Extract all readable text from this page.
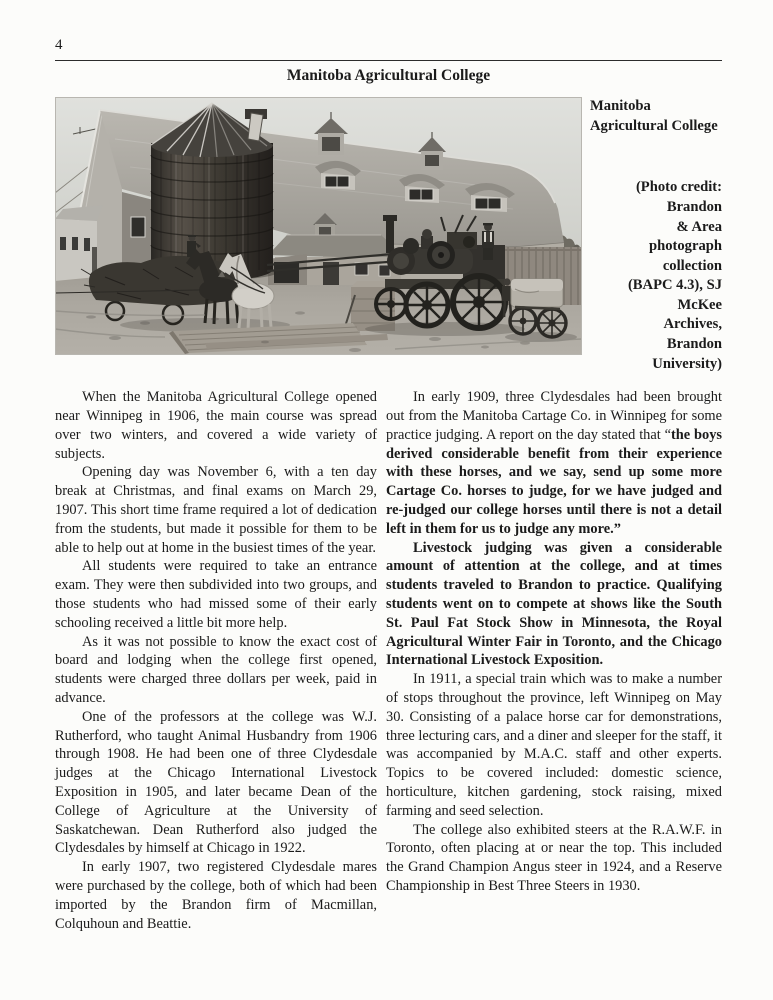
4
Manitoba Agricultural College
Manitoba Agricultural College
(Photo credit:
Brandon
& Area
photograph
collection
(BAPC 4.3), SJ
McKee
Archives,
Brandon
University)

When the Manitoba Agricultural College opened near Winnipeg in 1906, the main course was spread over two winters, and covered a wide variety of subjects.

Opening day was November 6, with a ten day break at Christmas, and final exams on March 29, 1907. This short time frame required a lot of dedication from the students, but made it possible for them to be able to help out at home in the busiest times of the year.

All students were required to take an entrance exam. They were then subdivided into two groups, and those students who had missed some of their early schooling received a little bit more help.

As it was not possible to know the exact cost of board and lodging when the college first opened, students were charged three dollars per week, paid in advance.

One of the professors at the college was W.J. Rutherford, who taught Animal Husbandry from 1906 through 1908. He had been one of three Clydesdale judges at the Chicago International Livestock Exposition in 1905, and later became Dean of the College of Agriculture at the University of Saskatchewan. Dean Rutherford also judged the Clydesdales by himself at Chicago in 1922.

In early 1907, two registered Clydesdale mares were purchased by the college, both of which had been imported by the Brandon firm of Macmillan, Colquhoun and Beattie.

In early 1909, three Clydesdales had been brought out from the Manitoba Cartage Co. in Winnipeg for some practice judging. A report on the day stated that “the boys derived considerable benefit from their experience with these horses, and we say, send up some more Cartage Co. horses to judge, for we have judged and re-judged our college horses until there is not a detail left in them for us to judge any more.”

Livestock judging was given a considerable amount of attention at the college, and at times students traveled to Brandon to practice. Qualifying students went on to compete at shows like the South St. Paul Fat Stock Show in Minnesota, the Royal Agricultural Winter Fair in Toronto, and the Chicago International Livestock Exposition.

In 1911, a special train which was to make a number of stops throughout the province, left Winnipeg on May 30. Consisting of a palace horse car for demonstrations, three lecturing cars, and a diner and sleeper for the staff, it was accompanied by M.A.C. staff and other experts. Topics to be covered included: domestic science, horticulture, kitchen gardening, stock raising, mixed farming and seed selection.

The college also exhibited steers at the R.A.W.F. in Toronto, often placing at or near the top. This included the Grand Champion Angus steer in 1924, and a Reserve Championship in Best Three Steers in 1930.
